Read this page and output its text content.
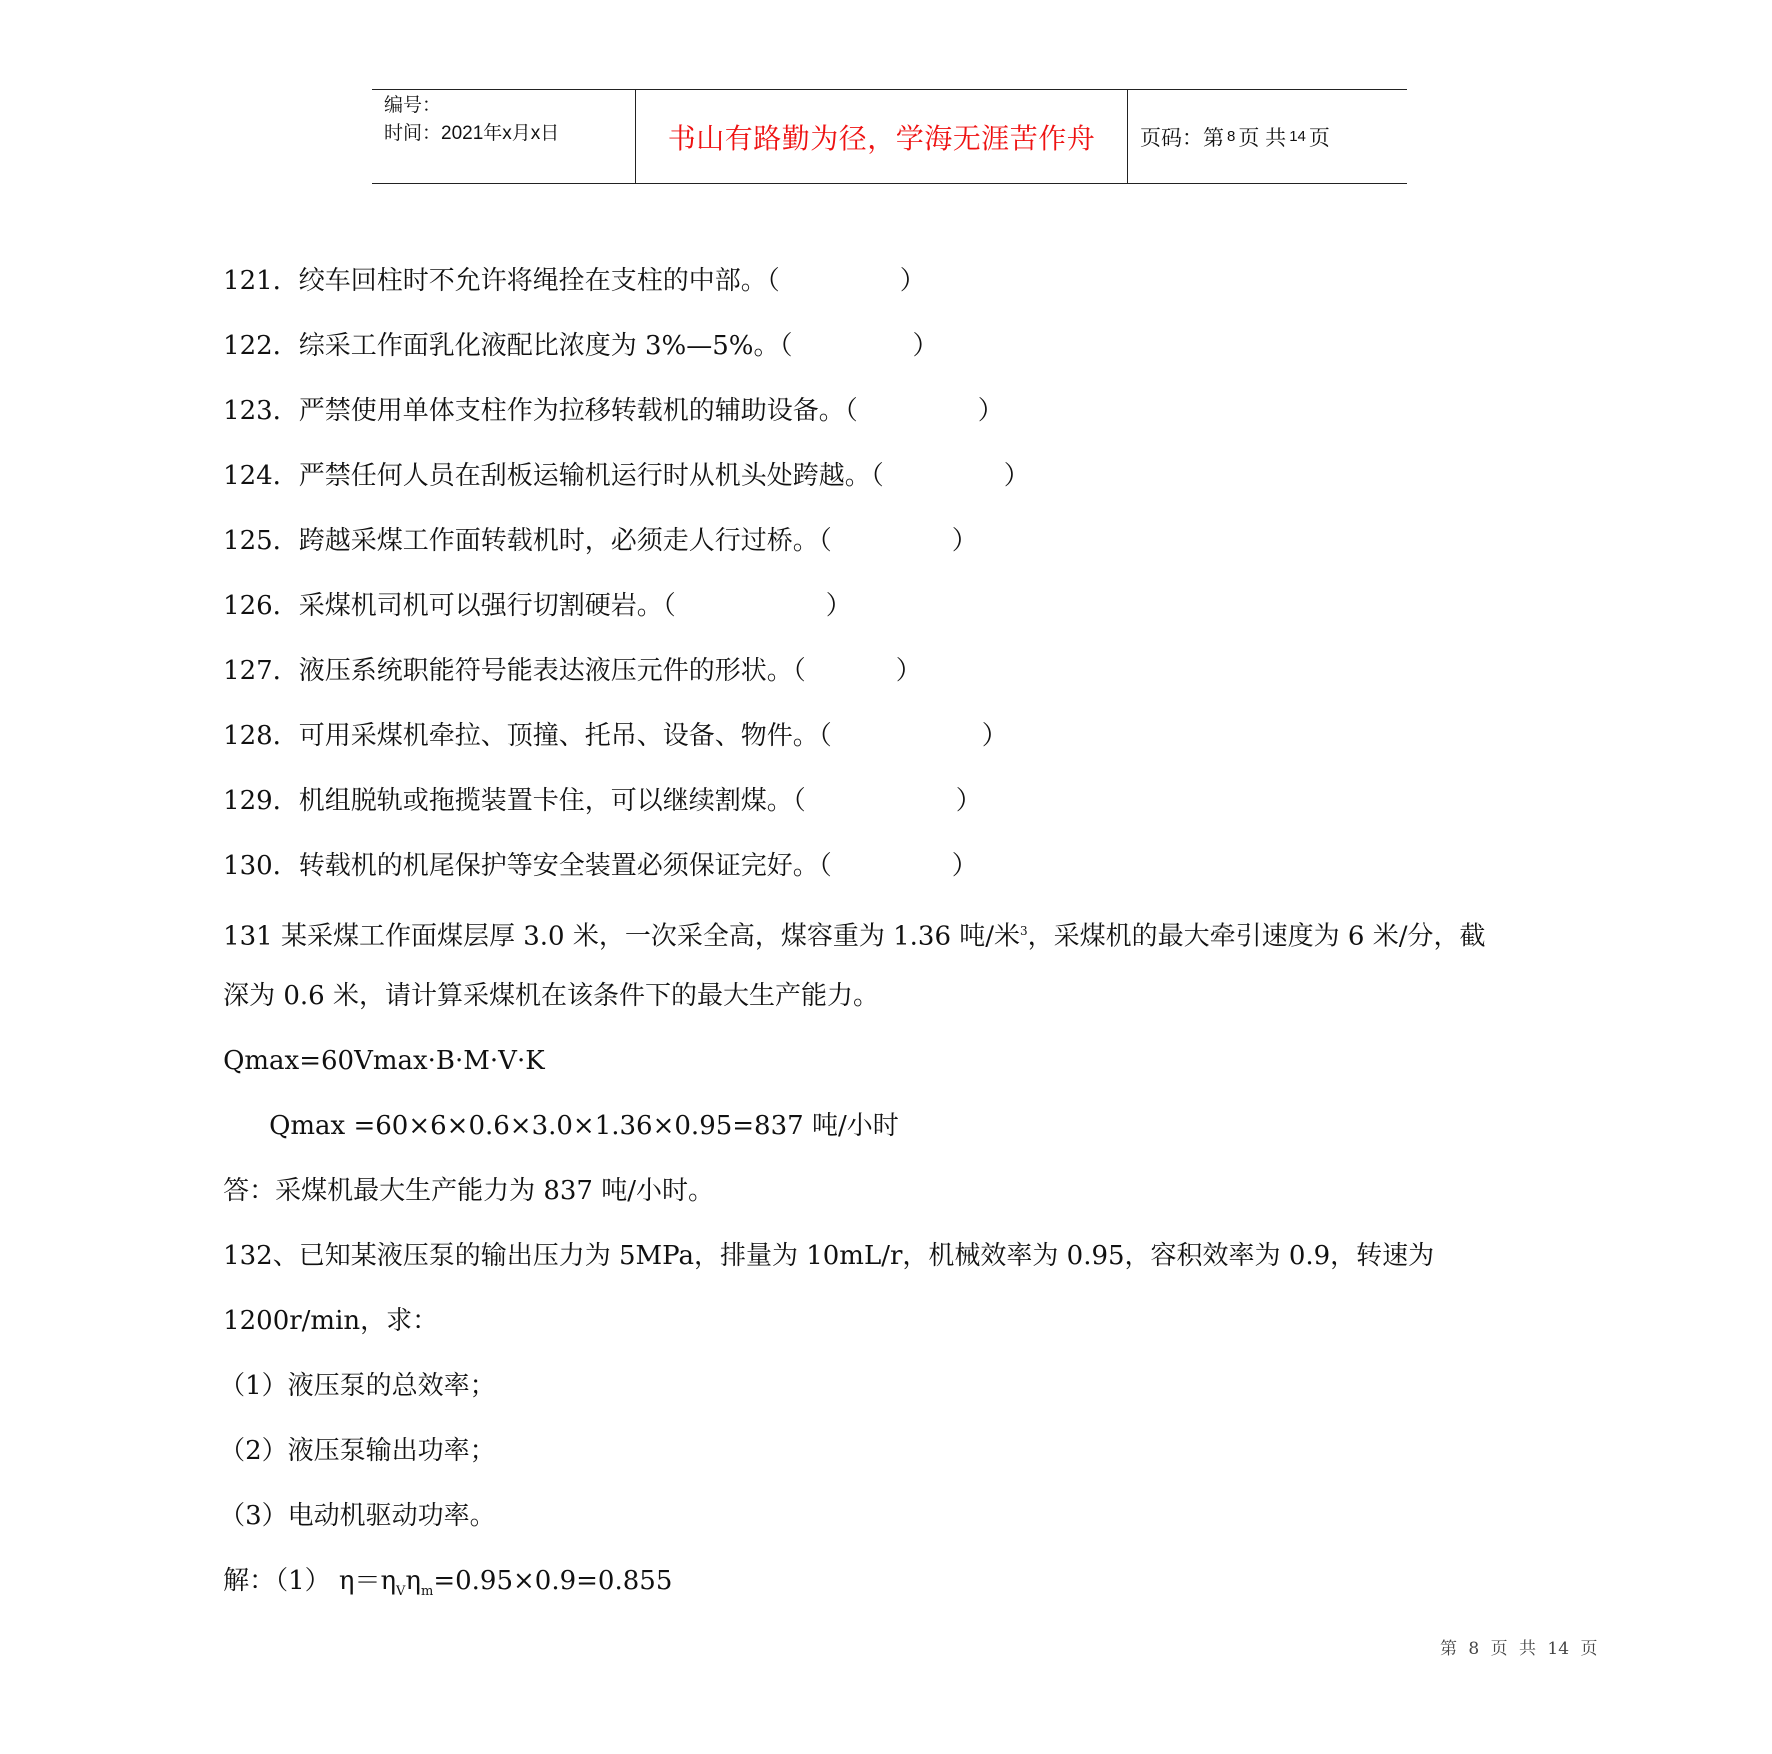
编号：
时间：2021年x月x日	书山有路勤为径，学海无涯苦作舟 页码：第 8 页 共 14 页

121．绞车回柱时不允许将绳拴在支柱的中部。（	）

122．综采工作面乳化液配比浓度为 3%—5%。（	）

123．严禁使用单体支柱作为拉移转载机的辅助设备。（	）

124．严禁任何人员在刮板运输机运行时从机头处跨越。（	）

125．跨越采煤工作面转载机时，必须走人行过桥。（	）

126．采煤机司机可以强行切割硬岩。（	）

127．液压系统职能符号能表达液压元件的形状。（	）

128．可用采煤机牵拉、顶撞、托吊、设备、物件。（	）

129．机组脱轨或拖揽装置卡住，可以继续割煤。（	）

130．转载机的机尾保护等安全装置必须保证完好。（	）

131 某采煤工作面煤层厚 3.0 米，一次采全高，煤容重为 1.36 吨/米$^3$，采煤机的最大牵引速度为 6 米/分，截

深为 0.6 米，请计算采煤机在该条件下的最大生产能力。

Qmax=60Vmax·B·M·V·K

Qmax =60×6×0.6×3.0×1.36×0.95=837 吨/小时

答：采煤机最大生产能力为 837 吨/小时。

132、已知某液压泵的输出压力为 5MPa，排量为 10mL/r，机械效率为 0.95，容积效率为 0.9，转速为

1200r/min，求：

（1）液压泵的总效率；

（2）液压泵输出功率；

（3）电动机驱动功率。

解：（1） $\eta=\eta_V\eta_m=0.95\times 0.9=0.855$

第 8 页 共 14 页
